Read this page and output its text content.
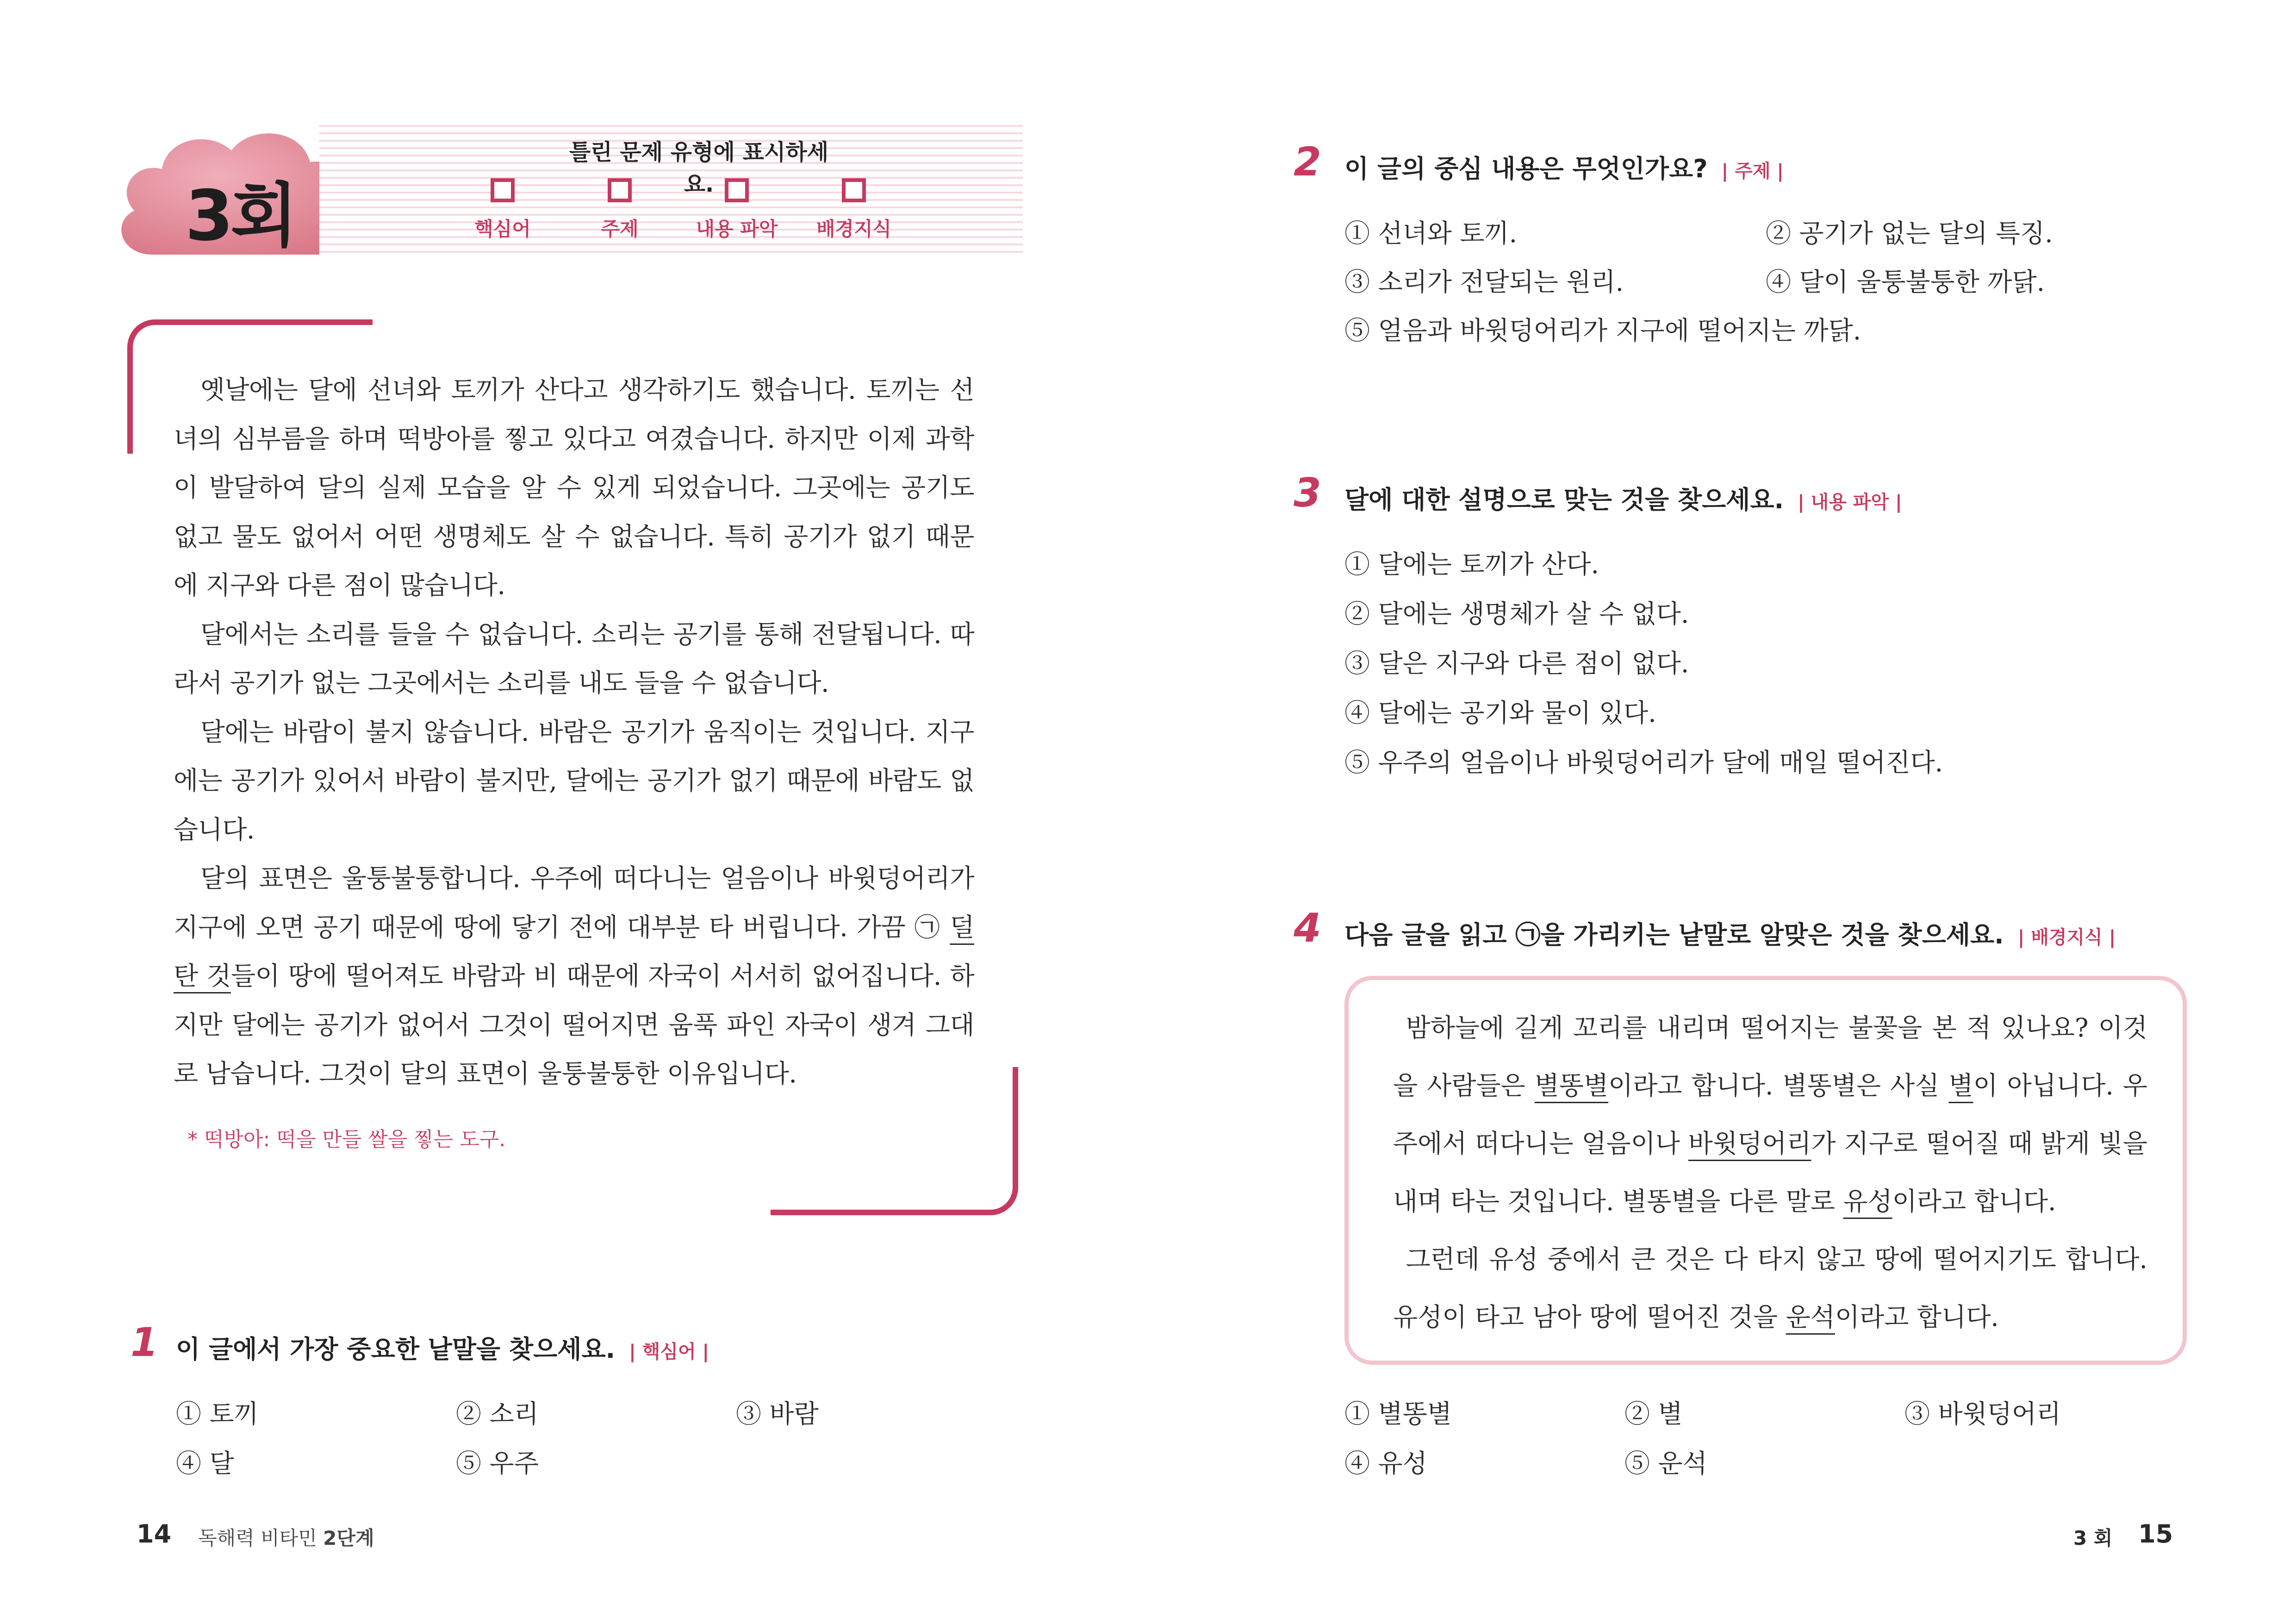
3회
틀린 문제 유형에 표시하세요.
핵심어	주제	내용 파악	배경지식

옛날에는 달에 선녀와 토끼가 산다고 생각하기도 했습니다. 토끼는 선녀의 심부름을 하며 떡방아를 찧고 있다고 여겼습니다. 하지만 이제 과학이 발달하여 달의 실제 모습을 알 수 있게 되었습니다. 그곳에는 공기도 없고 물도 없어서 어떤 생명체도 살 수 없습니다. 특히 공기가 없기 때문에 지구와 다른 점이 많습니다.

달에서는 소리를 들을 수 없습니다. 소리는 공기를 통해 전달됩니다. 따라서 공기가 없는 그곳에서는 소리를 내도 들을 수 없습니다.

달에는 바람이 불지 않습니다. 바람은 공기가 움직이는 것입니다. 지구에는 공기가 있어서 바람이 불지만, 달에는 공기가 없기 때문에 바람도 없습니다.

달의 표면은 울퉁불퉁합니다. 우주에 떠다니는 얼음이나 바윗덩어리가 지구에 오면 공기 때문에 땅에 닿기 전에 대부분 타 버립니다. 가끔 ㉠ 덜 탄 것들이 땅에 떨어져도 바람과 비 때문에 자국이 서서히 없어집니다. 하지만 달에는 공기가 없어서 그것이 떨어지면 움푹 파인 자국이 생겨 그대로 남습니다. 그것이 달의 표면이 울퉁불퉁한 이유입니다.

* 떡방아: 떡을 만들 쌀을 찧는 도구.
1 이 글에서 가장 중요한 낱말을 찾으세요. | 핵심어 |
① 토끼	② 소리	③ 바람
④ 달	⑤ 우주
14 독해력 비타민 2단계
2 이 글의 중심 내용은 무엇인가요? | 주제 |
① 선녀와 토끼.	② 공기가 없는 달의 특징.
③ 소리가 전달되는 원리.	④ 달이 울퉁불퉁한 까닭.
⑤ 얼음과 바윗덩어리가 지구에 떨어지는 까닭.
3 달에 대한 설명으로 맞는 것을 찾으세요. | 내용 파악 |
① 달에는 토끼가 산다.
② 달에는 생명체가 살 수 없다.
③ 달은 지구와 다른 점이 없다.
④ 달에는 공기와 물이 있다.
⑤ 우주의 얼음이나 바윗덩어리가 달에 매일 떨어진다.
4 다음 글을 읽고 ㉠을 가리키는 낱말로 알맞은 것을 찾으세요. | 배경지식 |

밤하늘에 길게 꼬리를 내리며 떨어지는 불꽃을 본 적 있나요? 이것을 사람들은 별똥별이라고 합니다. 별똥별은 사실 별이 아닙니다. 우주에서 떠다니는 얼음이나 바윗덩어리가 지구로 떨어질 때 밝게 빛을 내며 타는 것입니다. 별똥별을 다른 말로 유성이라고 합니다.

그런데 유성 중에서 큰 것은 다 타지 않고 땅에 떨어지기도 합니다. 유성이 타고 남아 땅에 떨어진 것을 운석이라고 합니다.

① 별똥별	② 별	③ 바윗덩어리
④ 유성	⑤ 운석
3 회 15
